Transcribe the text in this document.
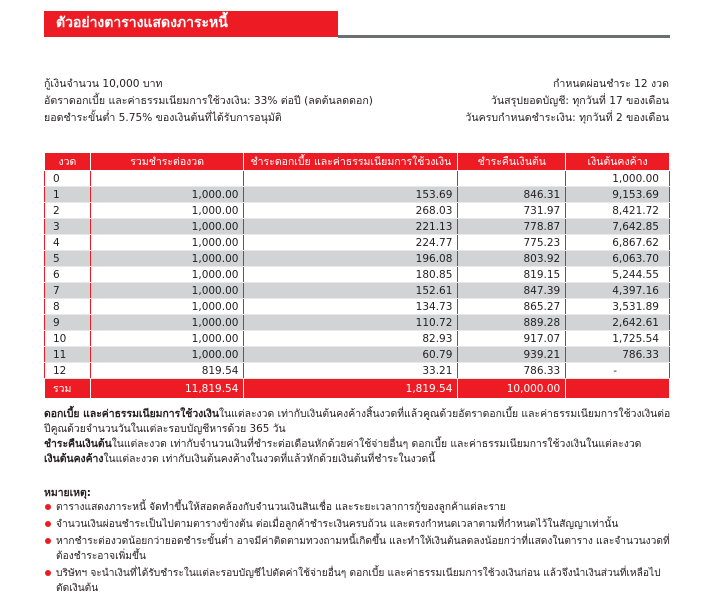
ตัวอย่างตารางแสดงภาระหนี้
กู้เงินจำนวน 10,000 บาท
อัตราดอกเบี้ย และค่าธรรมเนียมการใช้วงเงิน: 33% ต่อปี (ลดต้นลดดอก)
ยอดชำระขั้นต่ำ 5.75% ของเงินต้นที่ได้รับการอนุมัติ
กำหนดผ่อนชำระ 12 งวด
วันสรุปยอดบัญชี: ทุกวันที่ 17 ของเดือน
วันครบกำหนดชำระเงิน: ทุกวันที่ 2 ของเดือน
งวด	รวมชำระต่องวด	ชำระดอกเบี้ย และค่าธรรมเนียมการใช้วงเงิน	ชำระคืนเงินต้น	เงินต้นคงค้าง
0				1,000.00
1	1,000.00	153.69	846.31	9,153.69
2	1,000.00	268.03	731.97	8,421.72
3	1,000.00	221.13	778.87	7,642.85
4	1,000.00	224.77	775.23	6,867.62
5	1,000.00	196.08	803.92	6,063.70
6	1,000.00	180.85	819.15	5,244.55
7	1,000.00	152.61	847.39	4,397.16
8	1,000.00	134.73	865.27	3,531.89
9	1,000.00	110.72	889.28	2,642.61
10	1,000.00	82.93	917.07	1,725.54
11	1,000.00	60.79	939.21	786.33
12	819.54	33.21	786.33	-
รวม	11,819.54	1,819.54	10,000.00	

ดอกเบี้ย และค่าธรรมเนียมการใช้วงเงินในแต่ละงวด เท่ากับเงินต้นคงค้างสิ้นงวดที่แล้วคูณด้วยอัตราดอกเบี้ย และค่าธรรมเนียมการใช้วงเงินต่อปีคูณด้วยจำนวนวันในแต่ละรอบบัญชีหารด้วย 365 วัน

ชำระคืนเงินต้นในแต่ละงวด เท่ากับจำนวนเงินที่ชำระต่อเดือนหักด้วยค่าใช้จ่ายอื่นๆ ดอกเบี้ย และค่าธรรมเนียมการใช้วงเงินในแต่ละงวด

เงินต้นคงค้างในแต่ละงวด เท่ากับเงินต้นคงค้างในงวดที่แล้วหักด้วยเงินต้นที่ชำระในงวดนี้

หมายเหตุ:
ตารางแสดงภาระหนี้ จัดทำขึ้นให้สอดคล้องกับจำนวนเงินสินเชื่อ และระยะเวลาการกู้ของลูกค้าแต่ละราย
จำนวนเงินผ่อนชำระเป็นไปตามตารางข้างต้น ต่อเมื่อลูกค้าชำระเงินครบถ้วน และตรงกำหนดเวลาตามที่กำหนดไว้ในสัญญาเท่านั้น
หากชำระต่องวดน้อยกว่ายอดชำระขั้นต่ำ อาจมีค่าติดตามทวงถามหนี้เกิดขึ้น และทำให้เงินต้นลดลงน้อยกว่าที่แสดงในตาราง และจำนวนงวดที่ต้องชำระอาจเพิ่มขึ้น
บริษัทฯ จะนำเงินที่ได้รับชำระในแต่ละรอบบัญชีไปตัดค่าใช้จ่ายอื่นๆ ดอกเบี้ย และค่าธรรมเนียมการใช้วงเงินก่อน แล้วจึงนำเงินส่วนที่เหลือไปตัดเงินต้น
